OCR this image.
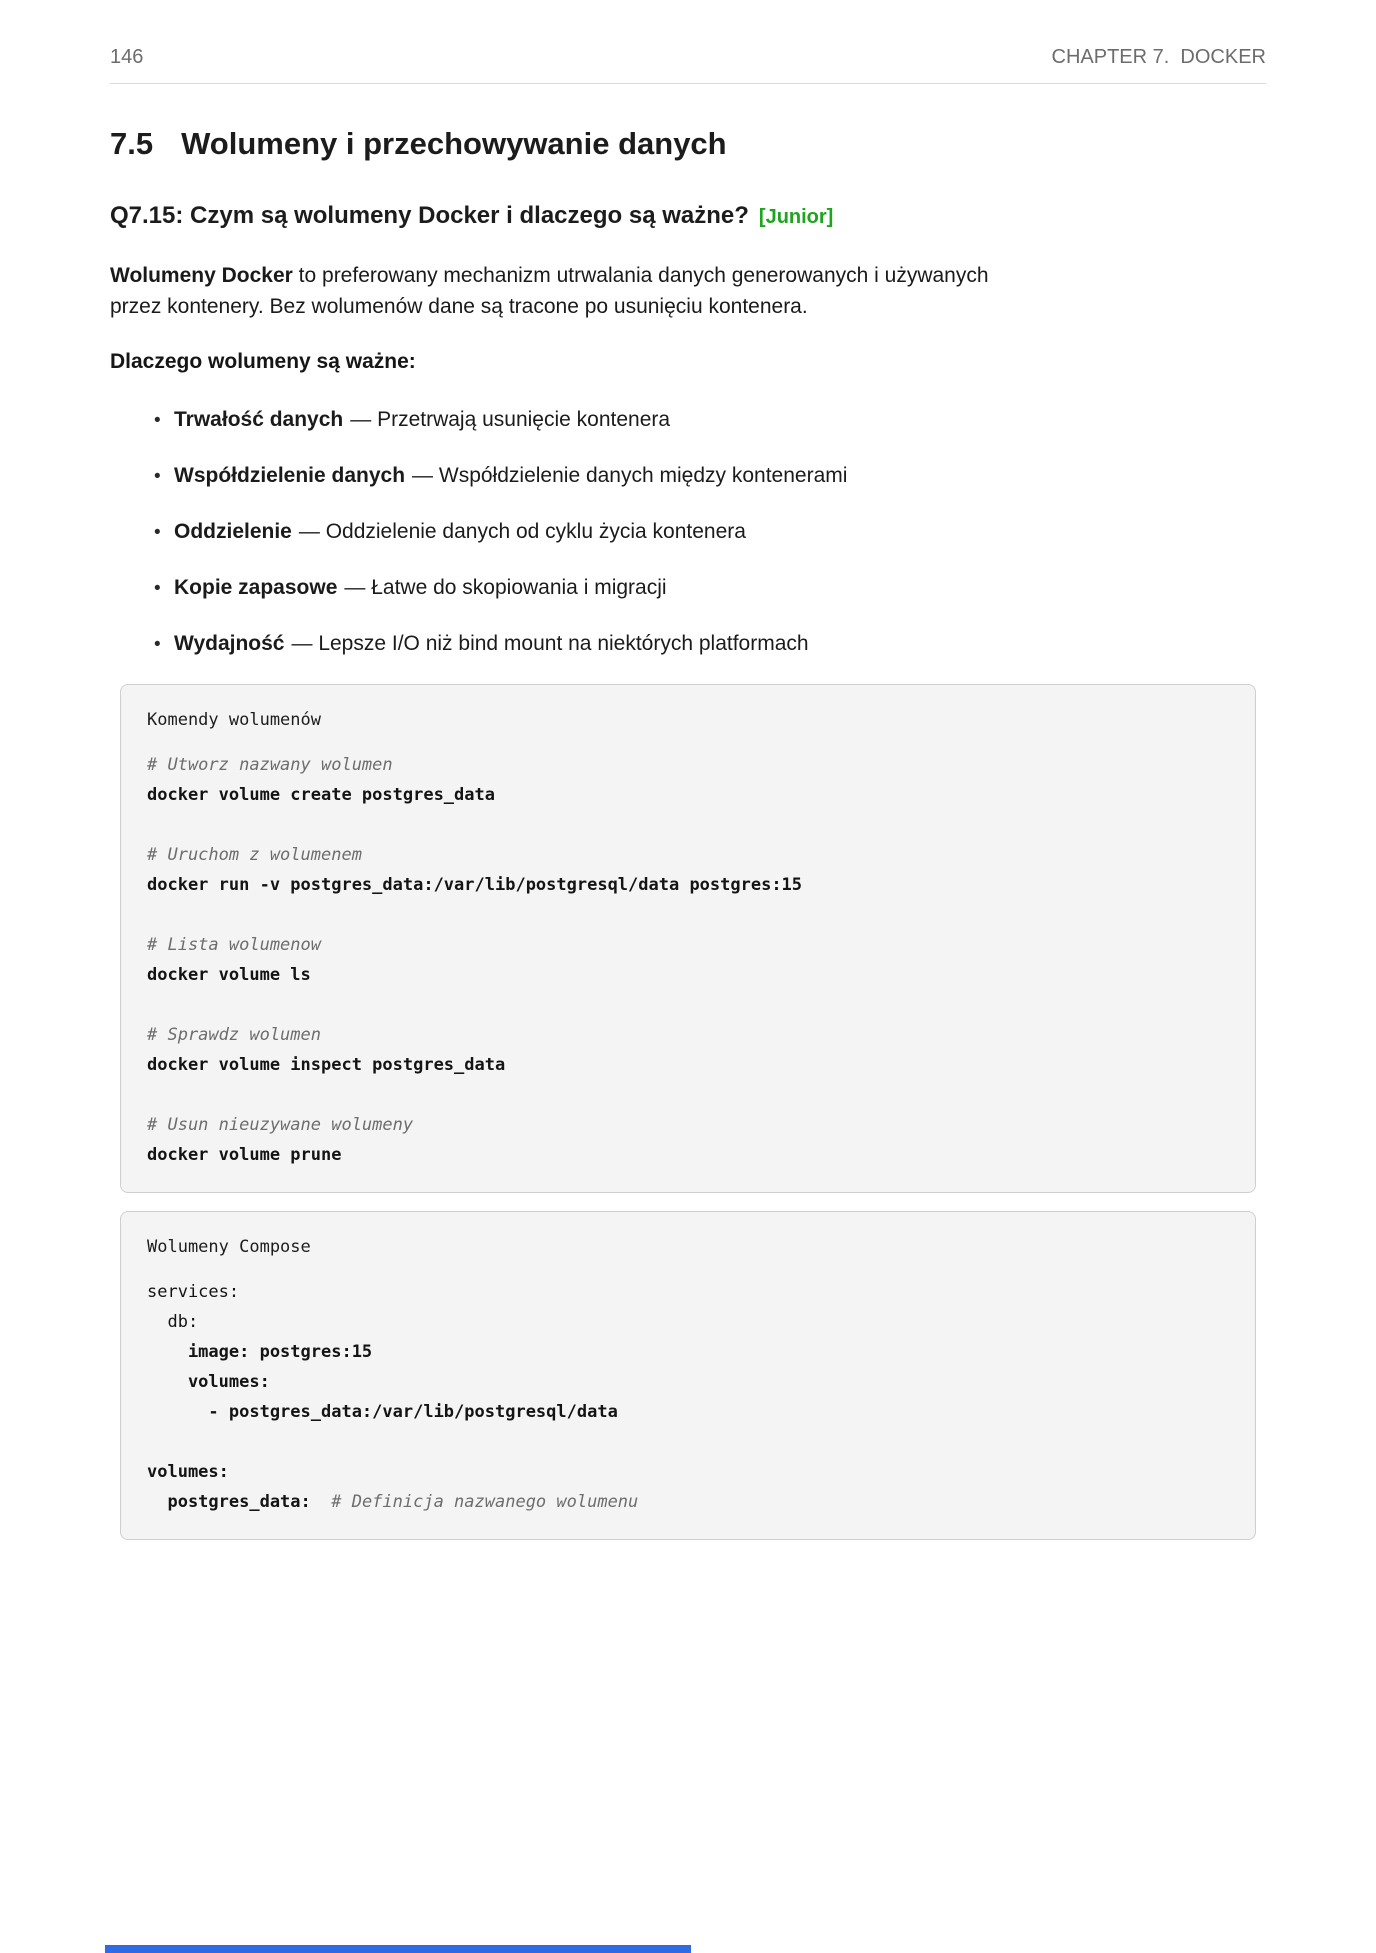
146	CHAPTER 7.  DOCKER
7.5 Wolumeny i przechowywanie danych
Q7.15: Czym są wolumeny Docker i dlaczego są ważne? [Junior]
Wolumeny Docker to preferowany mechanizm utrwalania danych generowanych i używanych
przez kontenery. Bez wolumenów dane są tracone po usunięciu kontenera.
Dlaczego wolumeny są ważne:
• Trwałość danych — Przetrwają usunięcie kontenera
• Współdzielenie danych — Współdzielenie danych między kontenerami
• Oddzielenie — Oddzielenie danych od cyklu życia kontenera
• Kopie zapasowe — Łatwe do skopiowania i migracji
• Wydajność — Lepsze I/O niż bind mount na niektórych platformach
Komendy wolumenów
# Utworz nazwany wolumen
docker volume create postgres_data
# Uruchom z wolumenem
docker run -v postgres_data:/var/lib/postgresql/data postgres:15
# Lista wolumenow
docker volume ls
# Sprawdz wolumen
docker volume inspect postgres_data
# Usun nieuzywane wolumeny
docker volume prune
Wolumeny Compose
services:
db:
image: postgres:15
volumes:
- postgres_data:/var/lib/postgresql/data
volumes:
postgres_data:  # Definicja nazwanego wolumenu
